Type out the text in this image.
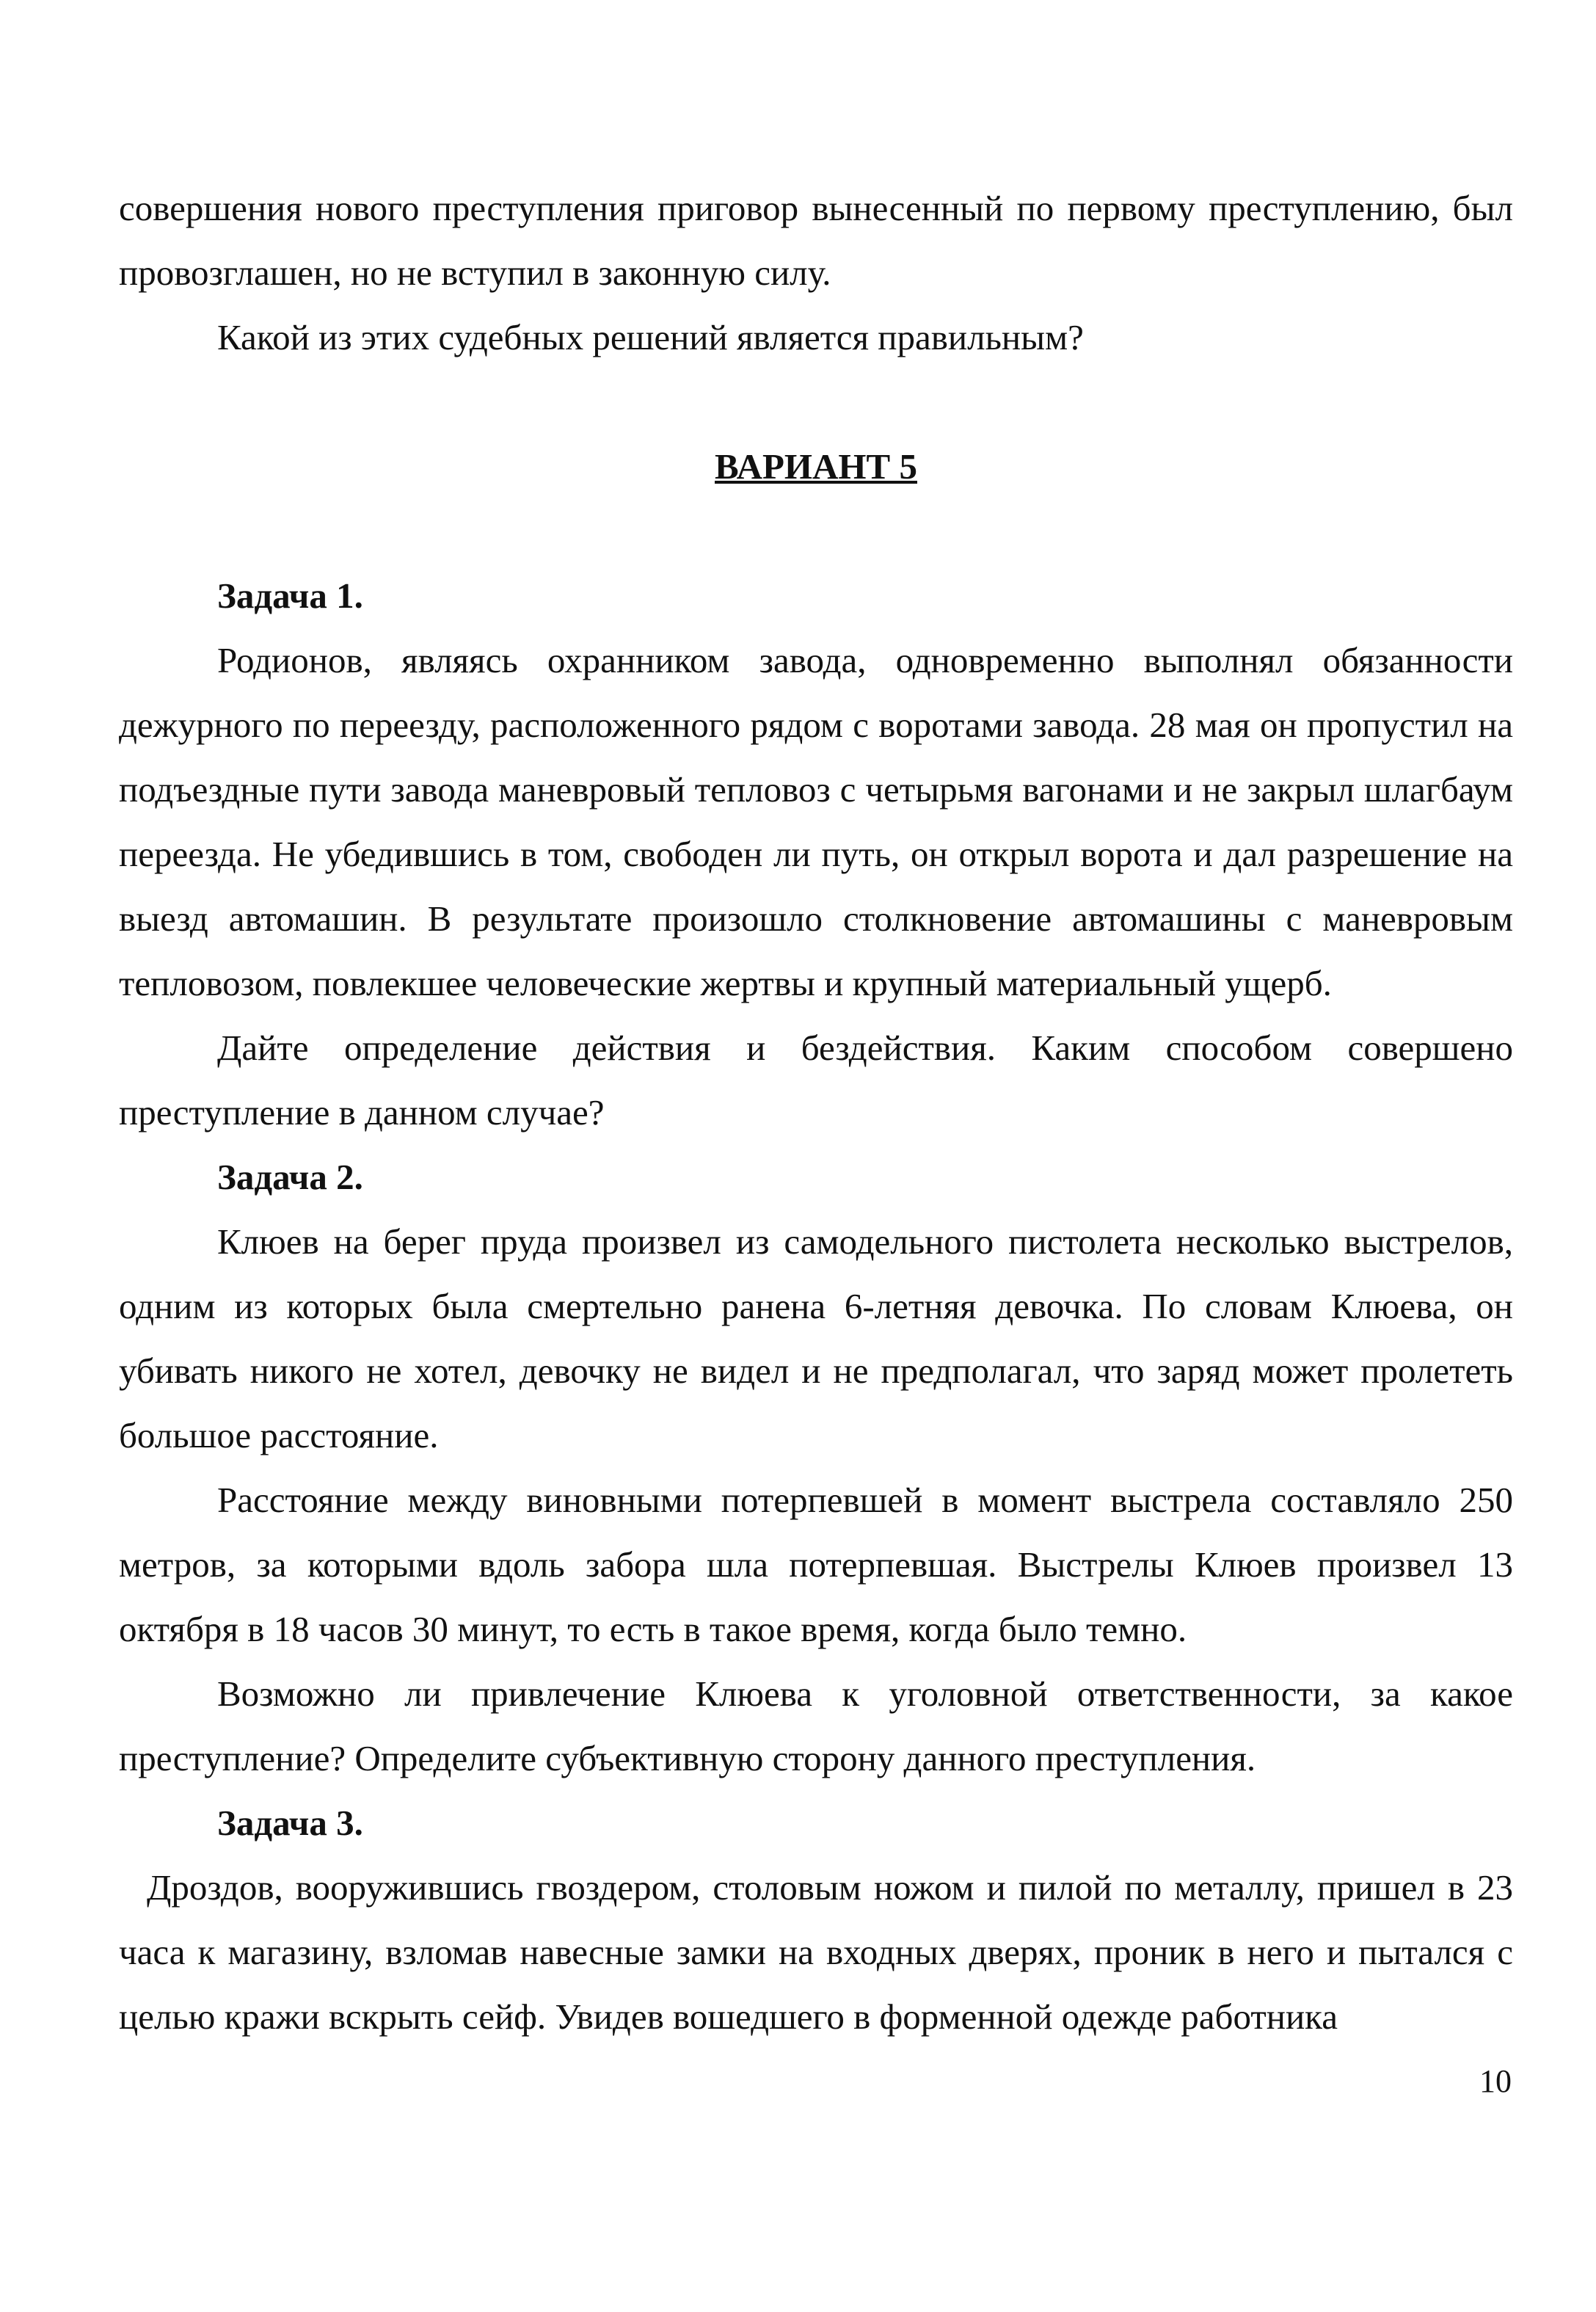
совершения нового преступления приговор вынесенный по первому преступлению, был провозглашен, но не вступил в законную силу.

Какой из этих судебных решений является правильным?

ВАРИАНТ 5

Задача 1.

Родионов, являясь охранником завода, одновременно выполнял обязанности дежурного по переезду, расположенного рядом с воротами завода. 28 мая он пропустил на подъездные пути завода маневровый тепловоз с четырьмя вагонами и не закрыл шлагбаум переезда. Не убедившись в том, свободен ли путь, он открыл ворота и дал разрешение на выезд автомашин. В результате произошло столкновение автомашины с маневровым тепловозом, повлекшее человеческие жертвы и крупный материальный ущерб.

Дайте определение действия и бездействия. Каким способом совершено преступление в данном случае?

Задача 2.

Клюев на берег пруда произвел из самодельного пистолета несколько выстрелов, одним из которых была смертельно ранена 6-летняя девочка. По словам Клюева, он убивать никого не хотел, девочку не видел и не предполагал, что заряд может пролететь большое расстояние.

Расстояние между виновными потерпевшей в момент выстрела составляло 250 метров, за которыми вдоль забора шла потерпевшая. Выстрелы Клюев произвел 13 октября в 18 часов 30 минут, то есть в такое время, когда было темно.

Возможно ли привлечение Клюева к уголовной ответственности, за какое преступление? Определите субъективную сторону данного преступления.

Задача 3.

Дроздов, вооружившись гвоздером, столовым ножом и пилой по металлу, пришел в 23 часа к магазину, взломав навесные замки на входных дверях, проник в него и пытался с целью кражи вскрыть сейф. Увидев вошедшего в форменной одежде работника

10
